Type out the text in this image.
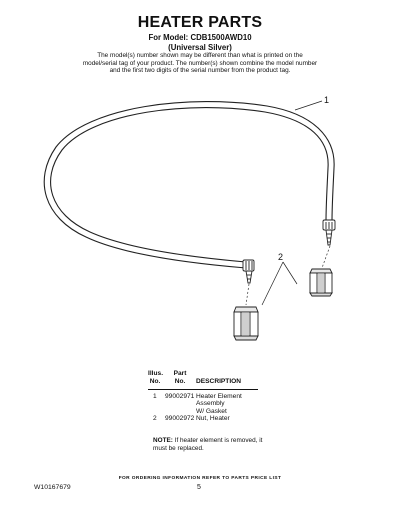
HEATER PARTS
For Model: CDB1500AWD10
(Universal Silver)
The model(s) number shown may be different than what is printed on the model/serial tag of your product. The number(s) shown combine the model number and the first two digits of the serial number from the product tag.
1
2
Illus.
No.
Part
No.	DESCRIPTION
1 99002971 Heater Element
Assembly
W/ Gasket
2 99002972 Nut, Heater
NOTE: If heater element is removed, it must be replaced.
FOR ORDERING INFORMATION REFER TO PARTS PRICE LIST
W10167679	5
